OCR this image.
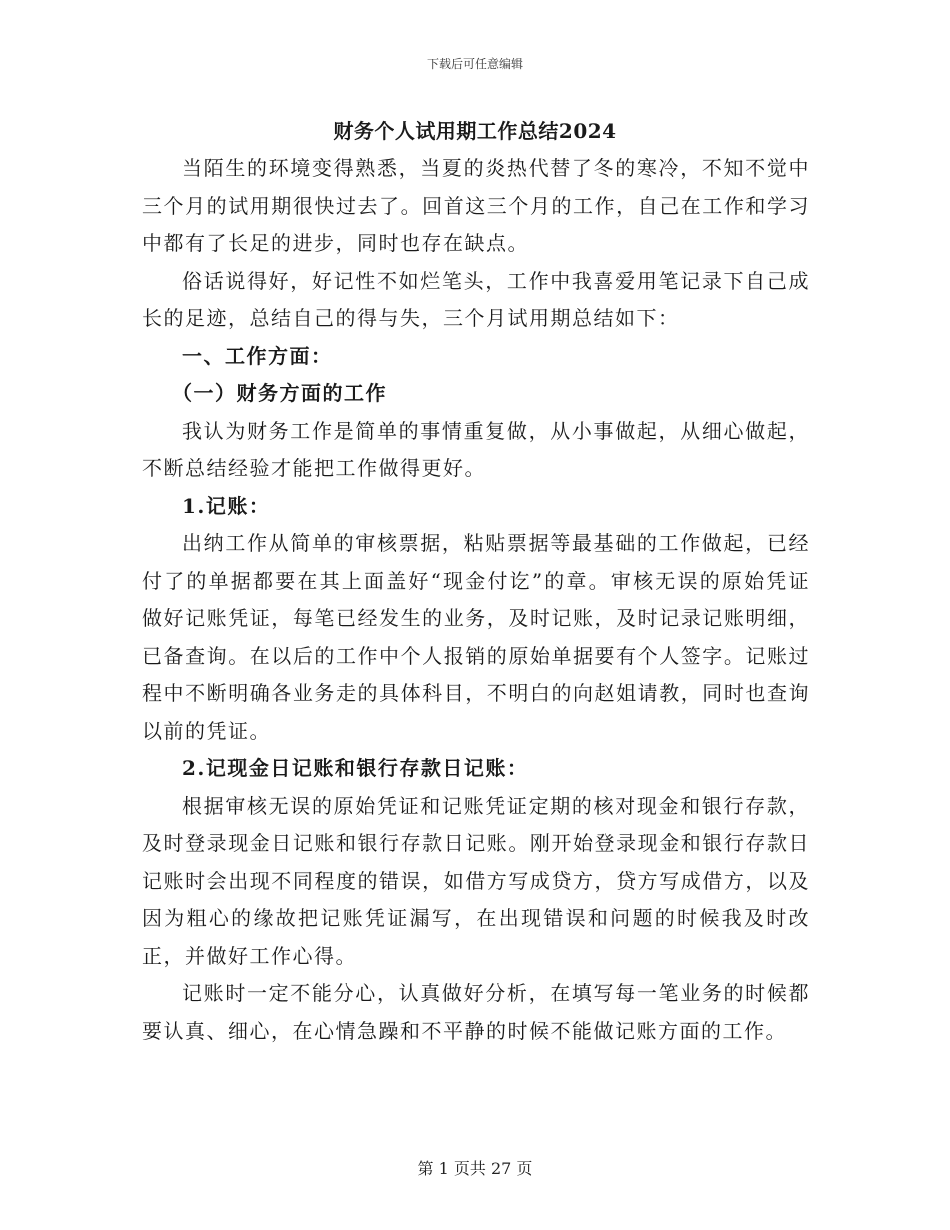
下载后可任意编辑
财务个人试用期工作总结2024

当陌生的环境变得熟悉，当夏的炎热代替了冬的寒冷，不知不觉中三个月的试用期很快过去了。回首这三个月的工作，自己在工作和学习中都有了长足的进步，同时也存在缺点。

俗话说得好，好记性不如烂笔头，工作中我喜爱用笔记录下自己成长的足迹，总结自己的得与失，三个月试用期总结如下：

一、工作方面：

（一）财务方面的工作

我认为财务工作是简单的事情重复做，从小事做起，从细心做起，不断总结经验才能把工作做得更好。

1.记账：

出纳工作从简单的审核票据，粘贴票据等最基础的工作做起，已经付了的单据都要在其上面盖好“现金付讫”的章。审核无误的原始凭证做好记账凭证，每笔已经发生的业务，及时记账，及时记录记账明细，已备查询。在以后的工作中个人报销的原始单据要有个人签字。记账过程中不断明确各业务走的具体科目，不明白的向赵姐请教，同时也查询以前的凭证。

2.记现金日记账和银行存款日记账：

根据审核无误的原始凭证和记账凭证定期的核对现金和银行存款，及时登录现金日记账和银行存款日记账。刚开始登录现金和银行存款日记账时会出现不同程度的错误，如借方写成贷方，贷方写成借方，以及因为粗心的缘故把记账凭证漏写，在出现错误和问题的时候我及时改正，并做好工作心得。

记账时一定不能分心，认真做好分析，在填写每一笔业务的时候都要认真、细心，在心情急躁和不平静的时候不能做记账方面的工作。

第 1 页共 27 页
